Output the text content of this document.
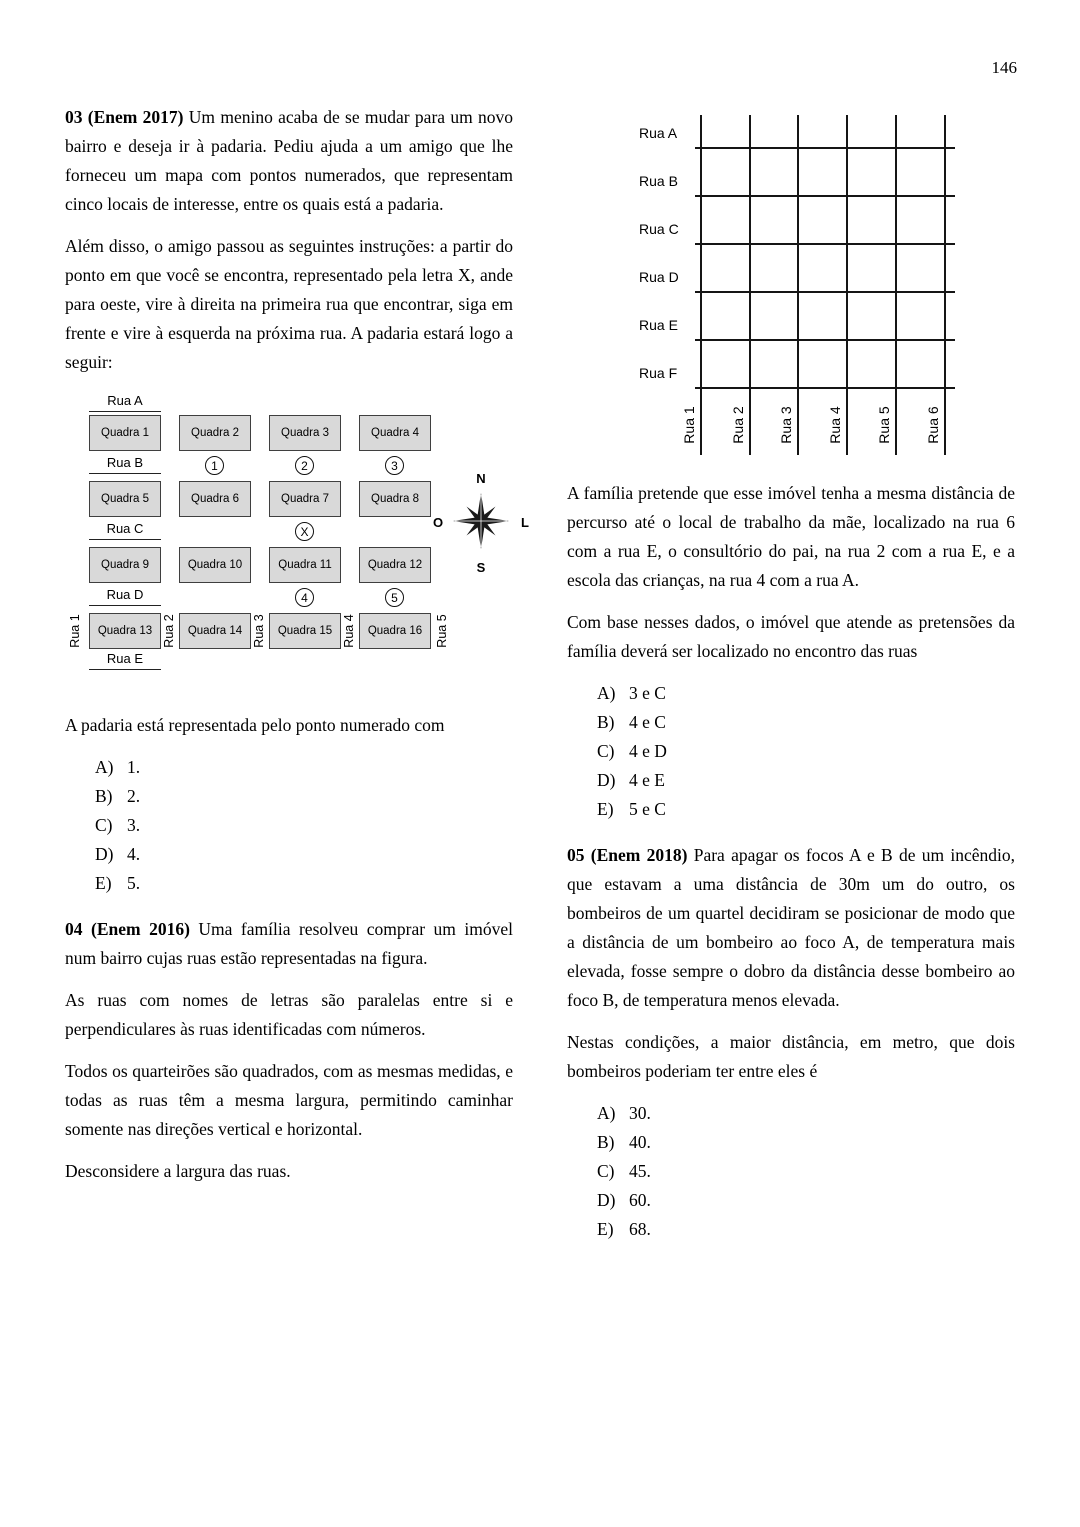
146

03 (Enem 2017) Um menino acaba de se mudar para um novo bairro e deseja ir à padaria. Pediu ajuda a um amigo que lhe forneceu um mapa com pontos numerados, que representam cinco locais de interesse, entre os quais está a padaria.

Além disso, o amigo passou as seguintes instruções: a partir do ponto em que você se encontra, representado pela letra X, ande para oeste, vire à direita na primeira rua que encontrar, siga em frente e vire à esquerda na próxima rua. A padaria estará logo a seguir:

Rua A
Quadra 1	Quadra 2	Quadra 3	Quadra 4
Rua B	1	2	3
Quadra 5	Quadra 6	Quadra 7	Quadra 8
Rua C	X
Quadra 9	Quadra 10	Quadra 11	Quadra 12
Rua D	4	5
Quadra 13	Quadra 14	Quadra 15	Quadra 16
Rua 1	Rua 2	Rua 3	Rua 4	Rua 5
Rua E
N
O	L
S

A padaria está representada pelo ponto numerado com

A) 1.
B) 2.
C) 3.
D) 4.
E) 5.

04 (Enem 2016) Uma família resolveu comprar um imóvel num bairro cujas ruas estão representadas na figura.

As ruas com nomes de letras são paralelas entre si e perpendiculares às ruas identificadas com números.

Todos os quarteirões são quadrados, com as mesmas medidas, e todas as ruas têm a mesma largura, permitindo caminhar somente nas direções vertical e horizontal.

Desconsidere a largura das ruas.

Rua A
Rua B
Rua C
Rua D
Rua E
Rua F
Rua 1 Rua 2 Rua 3 Rua 4 Rua 5 Rua 6

A família pretende que esse imóvel tenha a mesma distância de percurso até o local de trabalho da mãe, localizado na rua 6 com a rua E, o consultório do pai, na rua 2 com a rua E, e a escola das crianças, na rua 4 com a rua A.

Com base nesses dados, o imóvel que atende as pretensões da família deverá ser localizado no encontro das ruas

A) 3 e C
B) 4 e C
C) 4 e D
D) 4 e E
E) 5 e C

05 (Enem 2018) Para apagar os focos A e B de um incêndio, que estavam a uma distância de 30m um do outro, os bombeiros de um quartel decidiram se posicionar de modo que a distância de um bombeiro ao foco A, de temperatura mais elevada, fosse sempre o dobro da distância desse bombeiro ao foco B, de temperatura menos elevada.

Nestas condições, a maior distância, em metro, que dois bombeiros poderiam ter entre eles é

A) 30.
B) 40.
C) 45.
D) 60.
E) 68.
